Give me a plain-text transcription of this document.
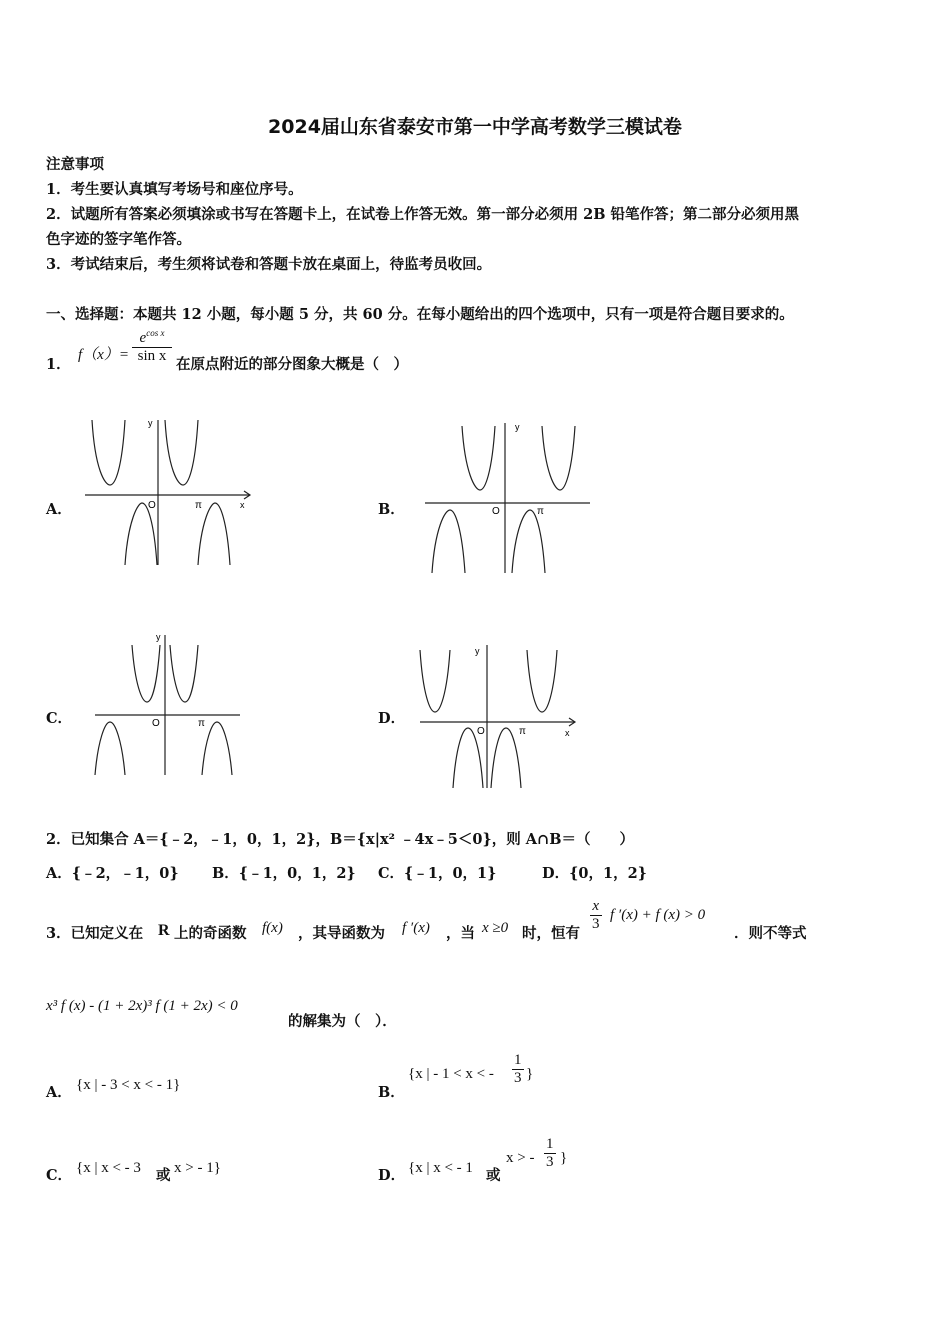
2024届山东省泰安市第一中学高考数学三模试卷
注意事项
1．考生要认真填写考场号和座位序号。
2．试题所有答案必须填涂或书写在答题卡上，在试卷上作答无效。第一部分必须用 2B 铅笔作答；第二部分必须用黑
色字迹的签字笔作答。
3．考试结束后，考生须将试卷和答题卡放在桌面上，待监考员收回。
一、选择题：本题共 12 小题，每小题 5 分，共 60 分。在每小题给出的四个选项中，只有一项是符合题目要求的。
1．
f（x）=
$e^{cos x}$
sin x 在原点附近的部分图象大概是（　）
A．	B．
C．	D．
y
x
O	π
y
O	π
y
O	π
y
x
O	π
2．已知集合 A＝{﹣2，﹣1，0，1，2}，B＝{x|x² ﹣4x﹣5＜0}，则 A∩B＝（　　）
A．{﹣2，﹣1，0} B．{﹣1，0，1，2} C．{﹣1，0，1}	D．{0，1，2}
3．已知定义在 R 上的奇函数 f(x) ，其导函数为 f ′(x) ，当 x ≥0 时，恒有
$\frac{x}{3}$ f ′(x) + f (x) > 0
．则不等式
x³ f (x) - (1 + 2x)³ f (1 + 2x) < 0
的解集为（　）．
A． {x | - 3 < x < - 1}	B．
{x | - 1 < x < - $\frac{1}{3}$ }
C． {x | x < - 3 或 x > - 1}	D． {x | x < - 1 或
x > - $\frac{1}{3}$ }
